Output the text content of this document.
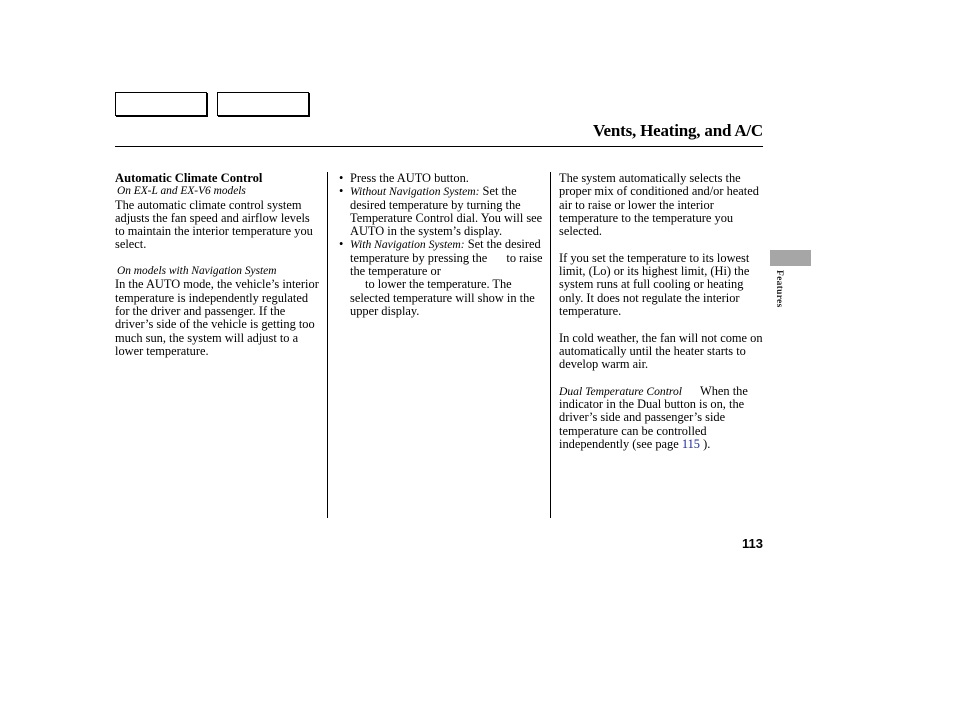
Vents, Heating, and A/C

Automatic Climate Control

On EX-L and EX-V6 models

The automatic climate control system adjusts the fan speed and airflow levels to maintain the interior temperature you select.

On models with Navigation System

In the AUTO mode, the vehicle’s interior temperature is independently regulated for the driver and passenger. If the driver’s side of the vehicle is getting too much sun, the system will adjust to a lower temperature.

• Press the AUTO button.

• Without Navigation System: Set the desired temperature by turning the Temperature Control dial. You will see AUTO in the system’s display.

• With Navigation System: Set the desired temperature by pressing the to raise the temperature or
to lower the temperature. The selected temperature will show in the upper display.

The system automatically selects the proper mix of conditioned and/or heated air to raise or lower the interior temperature to the temperature you selected.

If you set the temperature to its lowest limit, (Lo) or its highest limit, (Hi) the system runs at full cooling or heating only. It does not regulate the interior temperature.

In cold weather, the fan will not come on automatically until the heater starts to develop warm air.

Dual Temperature Control When the indicator in the Dual button is on, the driver’s side and passenger’s side temperature can be controlled independently (see page 115 ).

Features
113
